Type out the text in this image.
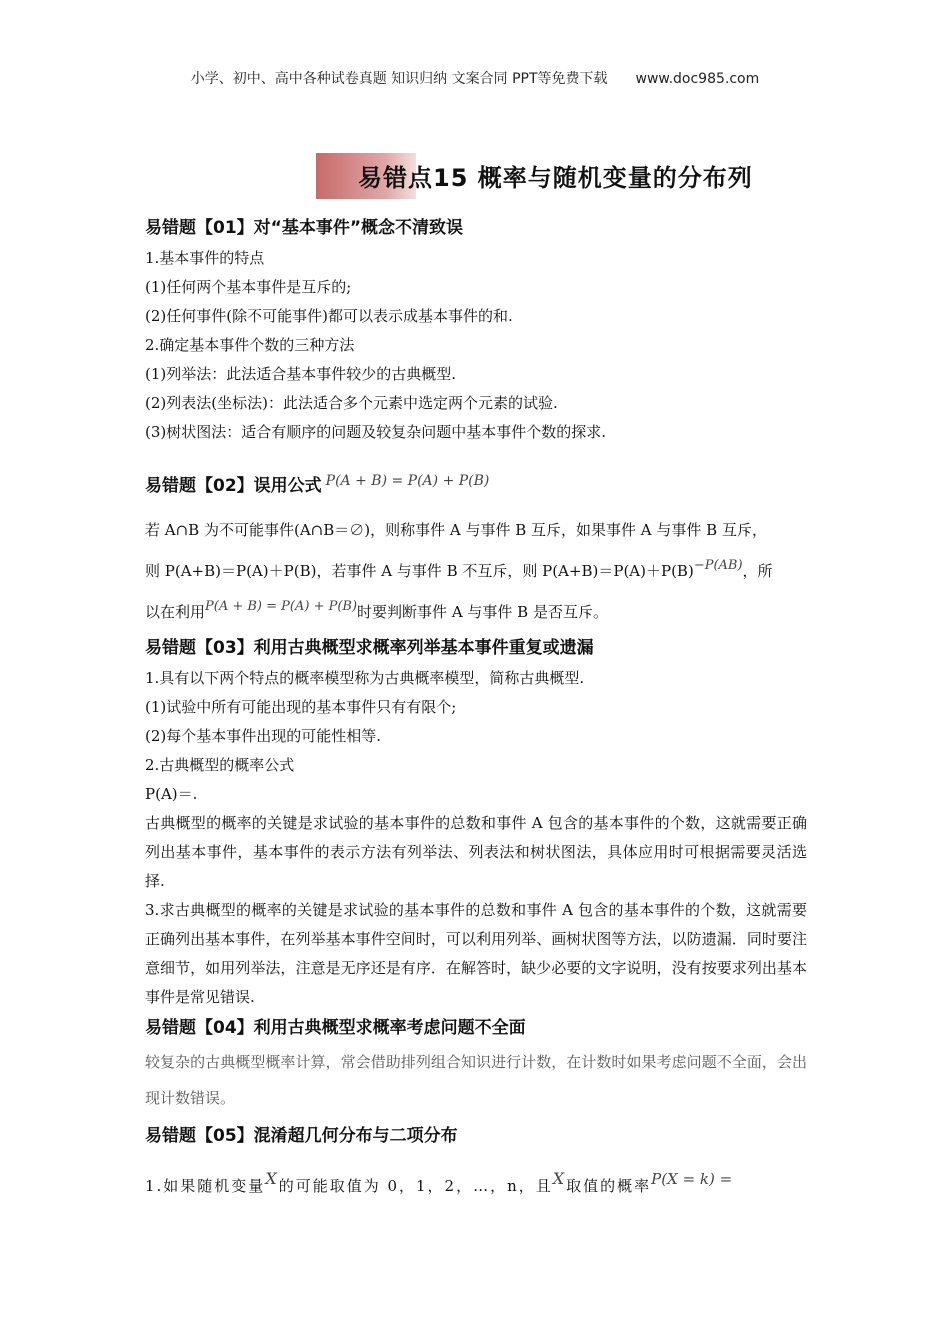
小学、初中、高中各种试卷真题 知识归纳 文案合同 PPT等免费下载 www.doc985.com
易错点15 概率与随机变量的分布列

易错题【01】对“基本事件”概念不清致误

1.基本事件的特点

(1)任何两个基本事件是互斥的;

(2)任何事件(除不可能事件)都可以表示成基本事件的和.

2.确定基本事件个数的三种方法

(1)列举法：此法适合基本事件较少的古典概型.

(2)列表法(坐标法)：此法适合多个元素中选定两个元素的试验.

(3)树状图法：适合有顺序的问题及较复杂问题中基本事件个数的探求.

易错题【02】误用公式 $^{P(A + B) = P(A) + P(B)}$

若 A∩B 为不可能事件(A∩B＝∅)，则称事件 A 与事件 B 互斥，如果事件 A 与事件 B 互斥，

则 P(A+B)＝P(A)＋P(B)，若事件 A 与事件 B 不互斥，则 P(A+B)＝P(A)＋P(B)−P(AB)，所

以在利用P(A + B) = P(A) + P(B)时要判断事件 A 与事件 B 是否互斥。

易错题【03】利用古典概型求概率列举基本事件重复或遗漏

1.具有以下两个特点的概率模型称为古典概率模型，简称古典概型.

(1)试验中所有可能出现的基本事件只有有限个;

(2)每个基本事件出现的可能性相等.

2.古典概型的概率公式

P(A)＝.

古典概型的概率的关键是求试验的基本事件的总数和事件 A 包含的基本事件的个数，这就需要正确列出基本事件，基本事件的表示方法有列举法、列表法和树状图法，具体应用时可根据需要灵活选择.

3.求古典概型的概率的关键是求试验的基本事件的总数和事件 A 包含的基本事件的个数，这就需要正确列出基本事件，在列举基本事件空间时，可以利用列举、画树状图等方法，以防遗漏．同时要注意细节，如用列举法，注意是无序还是有序．在解答时，缺少必要的文字说明，没有按要求列出基本事件是常见错误.

易错题【04】利用古典概型求概率考虑问题不全面

较复杂的古典概型概率计算，常会借助排列组合知识进行计数，在计数时如果考虑问题不全面，会出现计数错误。

易错题【05】混淆超几何分布与二项分布

1.如果随机变量X的可能取值为 0，1，2，…，n，且X取值的概率P(X = k) =
